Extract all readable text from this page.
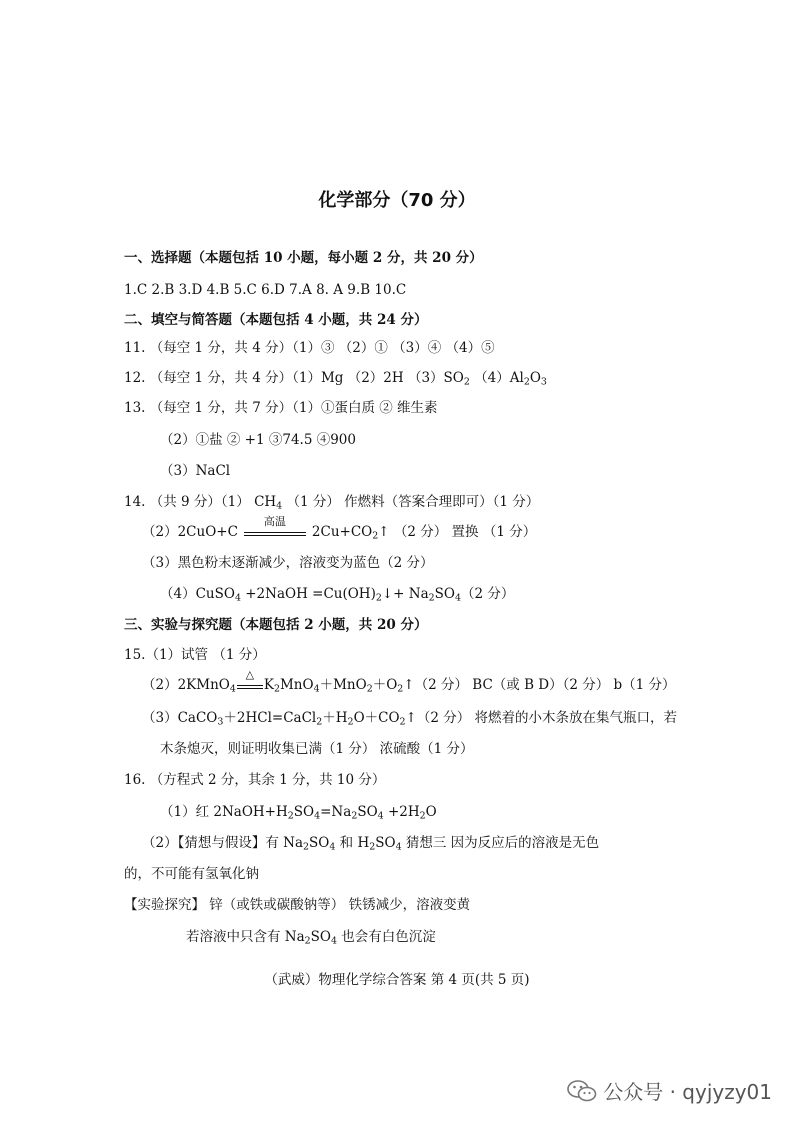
化学部分（70 分）
一、选择题（本题包括 10 小题，每小题 2 分，共 20 分）
1.C 2.B 3.D 4.B 5.C 6.D 7.A 8. A 9.B 10.C
二、填空与简答题（本题包括 4 小题，共 24 分）
11. （每空 1 分，共 4 分）（1）③ （2）① （3）④ （4）⑤
12. （每空 1 分，共 4 分）（1）Mg （2）2H $(3)SO_2$ $(4)Al_2O_3$
13. （每空 1 分，共 7 分）（1）①蛋白质 ② 维生素
（2）①盐 ② +1 ③74.5 ④900
（3）NaCl
14. （共 9 分）（1） $CH_4$ （1 分） 作燃料（答案合理即可）（1 分）
（2）2CuO+C
高温
$2Cu+CO_2↑$ （2 分） 置换 （1 分）
（3）黑色粉末逐渐减少，溶液变为蓝色（2 分）
（4）CuSO$_4$ +2NaOH $=Cu(OH)_2↓+ Na_2SO_4(2$ 分）
三、实验与探究题（本题包括 2 小题，共 20 分）
15.（1）试管 （1 分）
（2）2KMnO$_4$
△
$K_2MnO_4+MnO_2+O_2↑(2$ 分） BC（或 B D）（2 分） b（1 分）
$(3)CaCO_3+2HCl=CaCl_2+H_2O+CO_2↑(2$ 分） 将燃着的小木条放在集气瓶口，若
木条熄灭，则证明收集已满（1 分） 浓硫酸（1 分）
16. （方程式 2 分，其余 1 分，共 10 分）
（1）红 $2NaOH+H_2SO_4=Na_2SO_4 +2H_2O$
（2）【猜想与假设】有 $Na_2SO_4$ 和 $H_2SO_4$ 猜想三 因为反应后的溶液是无色
的，不可能有氢氧化钠
【实验探究】 锌（或铁或碳酸钠等） 铁锈减少，溶液变黄
若溶液中只含有 $Na_2SO_4$ 也会有白色沉淀
（武威）物理化学综合答案 第 4 页(共 5 页)
公众号 · qyjyzy01
